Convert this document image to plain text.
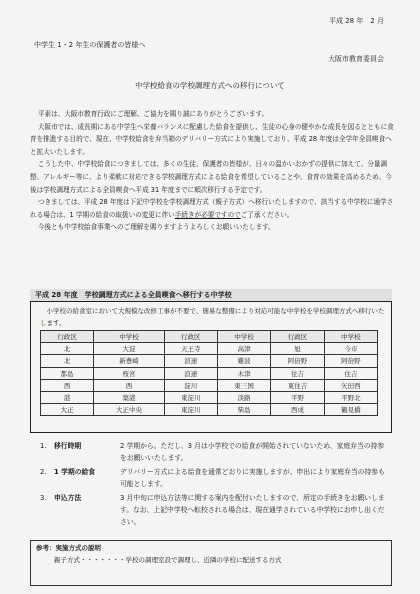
平成 28 年　2 月
中学生 1・2 年生の保護者の皆様へ
大阪市教育委員会
中学校給食の学校調理方式への移行について

平素は、大阪市教育行政にご理解、ご協力を賜り誠にありがとうございます。

大阪市では、成長期にある中学生へ栄養バランスに配慮した給食を提供し、生徒の心身の健やかな成長を図るとともに食育を推進する目的で、現在、中学校給食を弁当箱のデリバリー方式により実施しており、平成 28 年度は全学年全員喫食へと拡大いたします。

こうした中、中学校給食につきましては、多くの生徒、保護者の皆様が、日々の温かいおかずの提供に加えて、分量調整、アレルギー等に、より柔軟に対応できる学校調理方式による給食を希望していることや、食育の効果を高めるため、今後は学校調理方式による全員喫食へ平成 31 年度までに順次移行する予定です。

つきましては、平成 28 年度は下記中学校を学校調理方式（親子方式）へ移行いたしますので、該当する中学校に通学される場合は、1 学期の給食の取扱いの変更に伴い手続きが必要ですのでご了承ください。

今後とも中学校給食事業へのご理解を賜りますようよろしくお願いいたします。

平成 28 年度　学校調理方式による全員喫食へ移行する中学校

小学校の給食室において大規模な改修工事が不要で、簡易な整備により対応可能な中学校を学校調理方式へ移行いたします。

行政区	中学校	行政区	中学校	行政区	中学校
北	大淀	天王寺	高津	旭	今市
北	新豊崎	浪速	難波	阿倍野	阿倍野
都島	桜宮	浪速	木津	住吉	住吉
西	西	淀川	東三国	東住吉	矢田西
港	築港	東淀川	淡路	平野	平野北
大正	大正中央	東淀川	柴島	西成	鶴見橋
1. 移行時期	2 学期から。ただし、3 月は小学校での給食が開始されていないため、家庭弁当の持参をお願いいたします。
2. 1 学期の給食	デリバリー方式による給食を通常どおりに実施しますが、申出により家庭弁当の持参も可能とします。
3. 申込方法	3 月中旬に申込方法等に関する案内を配付いたしますので、所定の手続きをお願いします。なお、上記中学校へ転校される場合は、現在通学されている中学校にお申し出ください。
参考：実施方式の説明
親子方式・・・・・・・学校の調理室設で調理し、近隣の学校に配送する方式
